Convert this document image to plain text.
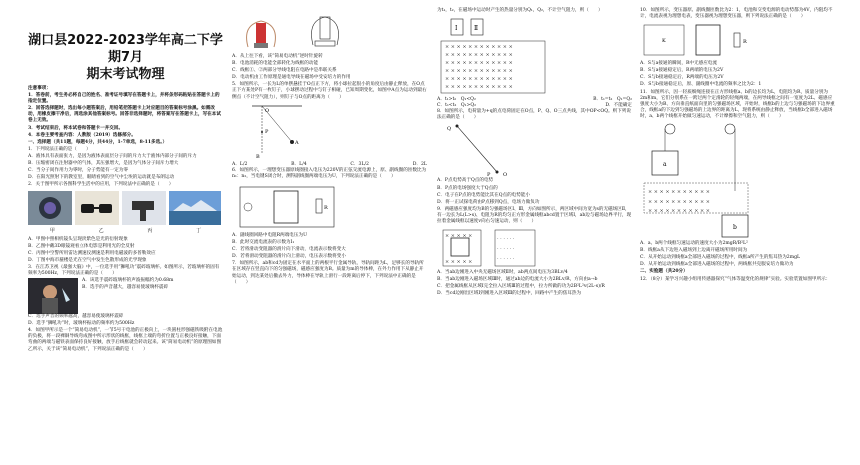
湖口县2022-2023学年高二下学期7月
期末考试物理

注意事项：

1．答卷前，考生务必将自己的姓名、准考证号填写在答题卡上，并将条形码粘贴在答题卡上的指定位置。

2．回答选择题时，选出每小题答案后，用铅笔把答题卡上对应题目的答案标号涂黑。如需改动，用橡皮擦干净后，再选涂其他答案标号。回答非选择题时，将答案写在答题卡上，写在本试卷上无效。

3．考试结束后，将本试卷和答题卡一并交回。

4．本卷主要考查内容：人教版（2019）选修部分。

一、选择题（共11题，每题4分，共44分，1-7单选，8-11多选。）

1．下列说法正确的是（　　）

A．液体具有表面张力，是因为液体表面层分子间的斥力大于液体内部分子间的斥力

B．压缩密闭在注射器中的气体，其压强增大，是因为气体分子间斥力增大

C．当分子间作用力为零时，分子势能有一定为零

D．在阳光照射下的教室里，眼睛看到的空气中尘埃的运动就是布朗运动

2．关于图甲所示各图科学生活中的应用，下列说法中正确的是（　　）

甲	乙	丙	丁

A．甲图中照相机镜头呈现淡紫色是光的衍射现象

B．乙图中戴3D眼镜观看立体电影是利用光的全反射

C．丙图中空警所用雷达测速仪测速是利用电磁波的多普勒效应

D．丁图中海市蜃楼是光在空气中发生色散形成的光学现象

3．在江苏卫视《最强大脑》中，一位选手用“狮吼功”震碎玻璃杯。如图所示，若玻璃杯的固有频率为500Hz，下列说法正确的是（　　）

A．该选手震碎玻璃杯的声波振幅约为0.68m

B．选手的声音越大，越容易使玻璃杯震碎

C．选手声音的频率越高，越容易使玻璃杯震碎

D．选手“狮吼功”时，玻璃杯振动的频率约为500Hz

4．如图甲所示是一个“简易电动机”，一节5号干电池的正极向上，一块圆柱形强磁铁吸附在电池的负极，将一段裸铜导线弯成图中所示形状的线框，线框上端的弯折位置与正极良好接触，下面弯曲的两端与磁铁表面保持良好接触，放手后线框就会转动起来。该“简易电动机”的原理图如图乙所示，关于该“简易电动机”，下列说法正确的是（　　）

A．从上往下看，该“简易电动机”逆时针旋转

B．电池消耗的电能全部转化为线框的动能

C．线框①、②两部分导线电阻在电路中是串联关系

D．电动机由工作原理是通电导线在磁场中受安培力的作用

5．如图所示，一长为L的单摆悬挂于O点正下方，将小球拉起很小的角度后由静止释放，在O点正下方某处P有一枚钉子，小球摆动过程中与钉子相碰，已知周期变化，如图中A点为运动到最右侧点（不计空气阻力），则钉子与O点的距离为（　　）

O
P
A
B
A．L/2	B．L/4	C．3L/2	D．2L

6．如图所示，一理想变压器原线圈接入电压为220V的正弦交流电源上，原、副线圈的匝数比为n₁：n₂，当电键S闭合时，测得副线圈两端电压为U，下列说法正确的是（　　）

R

A．副线圈回路中电阻R两端电压为U

B．此时交流电流表的示数为I₁

C．若将滑动变阻器的滑片向下滑动，电流表示数将变大

D．若将滑动变阻器的滑片向上滑动，电压表示数将变小

7．如图所示，ab和cd为固定在水平面上的两根平行金属导轨，导轨间距为L，足够长的导轨所在区域存在竖直向下的匀强磁场，磁感应强度为B。质量为m的导体棒，在外力作用下从静止开始运动，到达某处后撤去外力，导体棒在导轨上滑行一段距离后停下，下列说法中正确的是（　　）

为t₁，t₂，在磁场中运动时产生的热量分别为Q₁，Q₂，不计空气阻力，则（　　）

Ⅰ	Ⅱ
× × × × × × × × × × × ×
× × × × × × × × × × × ×
× × × × × × × × × × × ×
× × × × × × × × × × × ×
× × × × × × × × × × × ×
× × × × × × × × × × × ×
A．t₁>t₂　Q₁<Q₂	B．t₁=t₂　Q₁=Q₂
C．t₁<t₂　Q₁>Q₂	D．不能确定

8．如图所示，电荷量为+q的点电荷固定在O点，P、Q、O三点共线，其中OP<OQ。则下列说法正确的是（　　）

Q
P	O

A．P点电势高于Q点的电势

B．P点的电场强度大于Q点的

C．电子在P点的电势能比其在Q点的电势能小

D．将一正试探电荷由P点移到Q点，电场力做负功

9．两磁感应强度均为B的匀强磁场区Ⅰ、Ⅲ，方向如图所示，两区域中间为宽为s的无磁场区Ⅱ，有一边长为L(L>s)、电阻为R的均匀正方形金属线框abcd置于区域Ⅰ，ab边与磁场边界平行，现拉着金属线框以速度v向右匀速运动，则（　　）

× × × × ×
× × × × ×
· · · · · ·
· · · · · ·
· · · · · ·

A．当ab边刚进入中央无磁场区域Ⅱ时，ab两点间电压为3BLv/4

B．当ab边刚进入磁场区域Ⅲ时，通过ab边的电流大小为2BLv/R，方向由a→b

C．把金属线框从区域Ⅰ完全拉入区域Ⅲ的过程中，拉力所做的功为2B²L²v(2L-s)/R

D．当cd边刚出区域Ⅰ到刚进入区域Ⅲ的过程中，回路中产生的焦耳热为

10．如图所示，变压器原、副线圈匝数比为2：1，电池和交变电源的电动势都为4V，内阻均不计，电流表视为理想电表，变压器视为理想变压器，则下列说法正确的是（　　）

R
K

A．S与a接通的瞬间，R中无感应电流

B．S与a接通稳定后，R两端的电压为2V

C．S与b接通稳定后，R两端的电压为2V

D．S与b接通稳定后，原、副线圈中电流的频率之比为2：1

11．如图所示，因一轻质细绳连接在正方形线框a、b的边长均为L，电阻均为R，质量分别为2m和m，它们分别系在一跨过两个定滑轮的轻绳两端，在两导线框之间有一宽度为2L、磁感应强度大小为B、方向垂直纸面向里的匀强磁场区域，开始时，线框b的上边与匀强磁场的下边界重合，线框a的下边到匀强磁场的上边界的距离为L，现将系统由静止释放，当线框b全部进入磁场时，a、b两个线框开始做匀速运动，不计摩擦和空气阻力，则（　　）

a
× × × × × × × × × × ×
× × × × × × × × × × ×
× × × × × × × × × × ×
b

A．a、b两个线框匀速运动的速度大小为2mgR/B²L²

B．线框a从下边进入磁场到上边离开磁场所用时间为

C．从开始运动到线框a全部进入磁场的过程中，线框a所产生的焦耳热为2mgL

D．从开始运动到线框a全部进入磁场的过程中，两线框共克服安培力做功为

二、实验题（共20分）

12．（8分）某学习兴趣小组用传感器探究“气体等温变化的规律”实验。实验装置如图甲所示：
